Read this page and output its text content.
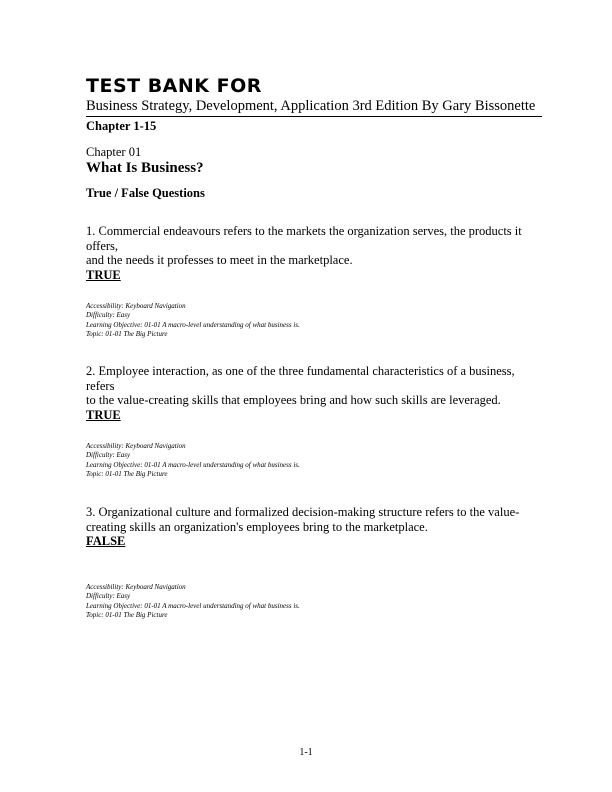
TEST BANK FOR
Business Strategy, Development, Application 3rd Edition By Gary Bissonette
Chapter 1-15
Chapter 01
What Is Business?
True / False Questions

1. Commercial endeavours refers to the markets the organization serves, the products it offers,

and the needs it professes to meet in the marketplace.

TRUE

Accessibility: Keyboard Navigation
Difficulty: Easy
Learning Objective: 01-01 A macro-level understanding of what business is.
Topic: 01-01 The Big Picture

2. Employee interaction, as one of the three fundamental characteristics of a business, refers

to the value-creating skills that employees bring and how such skills are leveraged.

TRUE

Accessibility: Keyboard Navigation
Difficulty: Easy
Learning Objective: 01-01 A macro-level understanding of what business is.
Topic: 01-01 The Big Picture

3. Organizational culture and formalized decision-making structure refers to the value-

creating skills an organization's employees bring to the marketplace.

FALSE

Accessibility: Keyboard Navigation
Difficulty: Easy
Learning Objective: 01-01 A macro-level understanding of what business is.
Topic: 01-01 The Big Picture
1-1
